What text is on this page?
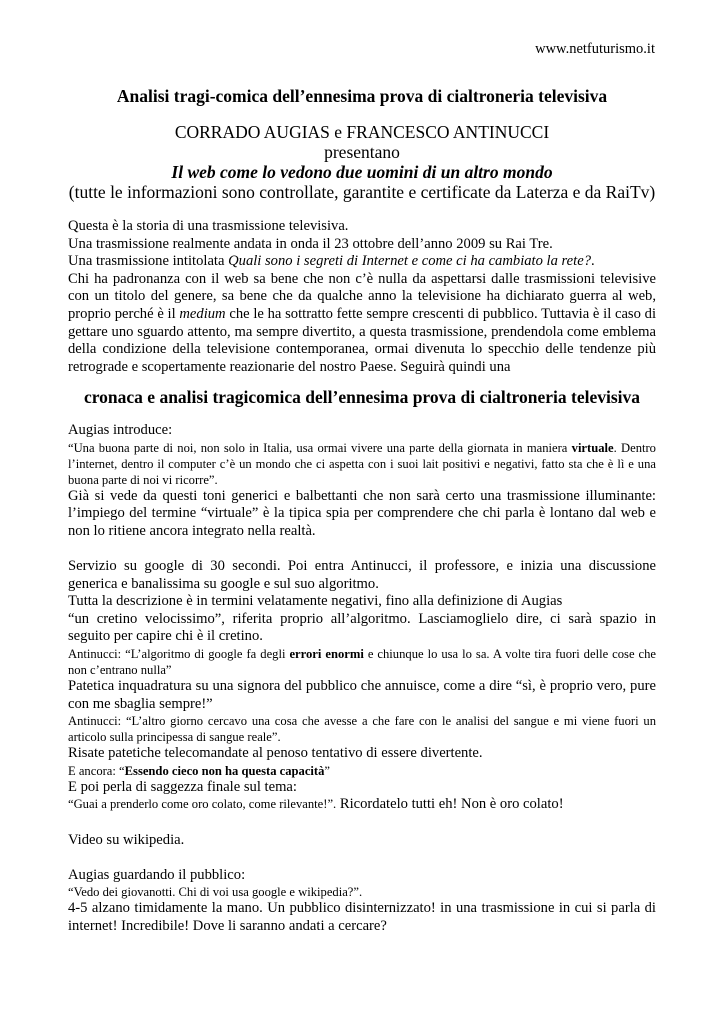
www.netfuturismo.it
Analisi tragi-comica dell’ennesima prova di cialtroneria televisiva
CORRADO AUGIAS e FRANCESCO ANTINUCCI
presentano
Il web come lo vedono due uomini di un altro mondo
(tutte le informazioni sono controllate, garantite e certificate da Laterza e da RaiTv)

Questa è la storia di una trasmissione televisiva.

Una trasmissione realmente andata in onda il 23 ottobre dell’anno 2009 su Rai Tre.

Una trasmissione intitolata Quali sono i segreti di Internet e come ci ha cambiato la rete?.

Chi ha padronanza con il web sa bene che non c’è nulla da aspettarsi dalle trasmissioni televisive con un titolo del genere, sa bene che da qualche anno la televisione ha dichiarato guerra al web, proprio perché è il medium che le ha sottratto fette sempre crescenti di pubblico. Tuttavia è il caso di gettare uno sguardo attento, ma sempre divertito, a questa trasmissione, prendendola come emblema della condizione della televisione contemporanea, ormai divenuta lo specchio delle tendenze più retrograde e scopertamente reazionarie del nostro Paese. Seguirà quindi una

cronaca e analisi tragicomica dell’ennesima prova di cialtroneria televisiva

Augias introduce:

“Una buona parte di noi, non solo in Italia, usa ormai vivere una parte della giornata in maniera virtuale. Dentro l’internet, dentro il computer c’è un mondo che ci aspetta con i suoi lait positivi e negativi, fatto sta che è lì e una buona parte di noi vi ricorre”.

Già si vede da questi toni generici e balbettanti che non sarà certo una trasmissione illuminante: l’impiego del termine “virtuale” è la tipica spia per comprendere che chi parla è lontano dal web e non lo ritiene ancora integrato nella realtà.

Servizio su google di 30 secondi. Poi entra Antinucci, il professore, e inizia una discussione generica e banalissima su google e sul suo algoritmo.

Tutta la descrizione è in termini velatamente negativi, fino alla definizione di Augias

“un cretino velocissimo”, riferita proprio all’algoritmo. Lasciamoglielo dire, ci sarà spazio in seguito per capire chi è il cretino.

Antinucci: “L’algoritmo di google fa degli errori enormi e chiunque lo usa lo sa. A volte tira fuori delle cose che non c’entrano nulla”

Patetica inquadratura su una signora del pubblico che annuisce, come a dire “sì, è proprio vero, pure con me sbaglia sempre!”

Antinucci: “L’altro giorno cercavo una cosa che avesse a che fare con le analisi del sangue e mi viene fuori un articolo sulla principessa di sangue reale”.

Risate patetiche telecomandate al penoso tentativo di essere divertente.

E ancora: “Essendo cieco non ha questa capacità”

E poi perla di saggezza finale sul tema:

“Guai a prenderlo come oro colato, come rilevante!”. Ricordatelo tutti eh! Non è oro colato!

Video su wikipedia.

Augias guardando il pubblico:

“Vedo dei giovanotti. Chi di voi usa google e wikipedia?”.

4-5 alzano timidamente la mano. Un pubblico disinternizzato! in una trasmissione in cui si parla di internet! Incredibile! Dove li saranno andati a cercare?
